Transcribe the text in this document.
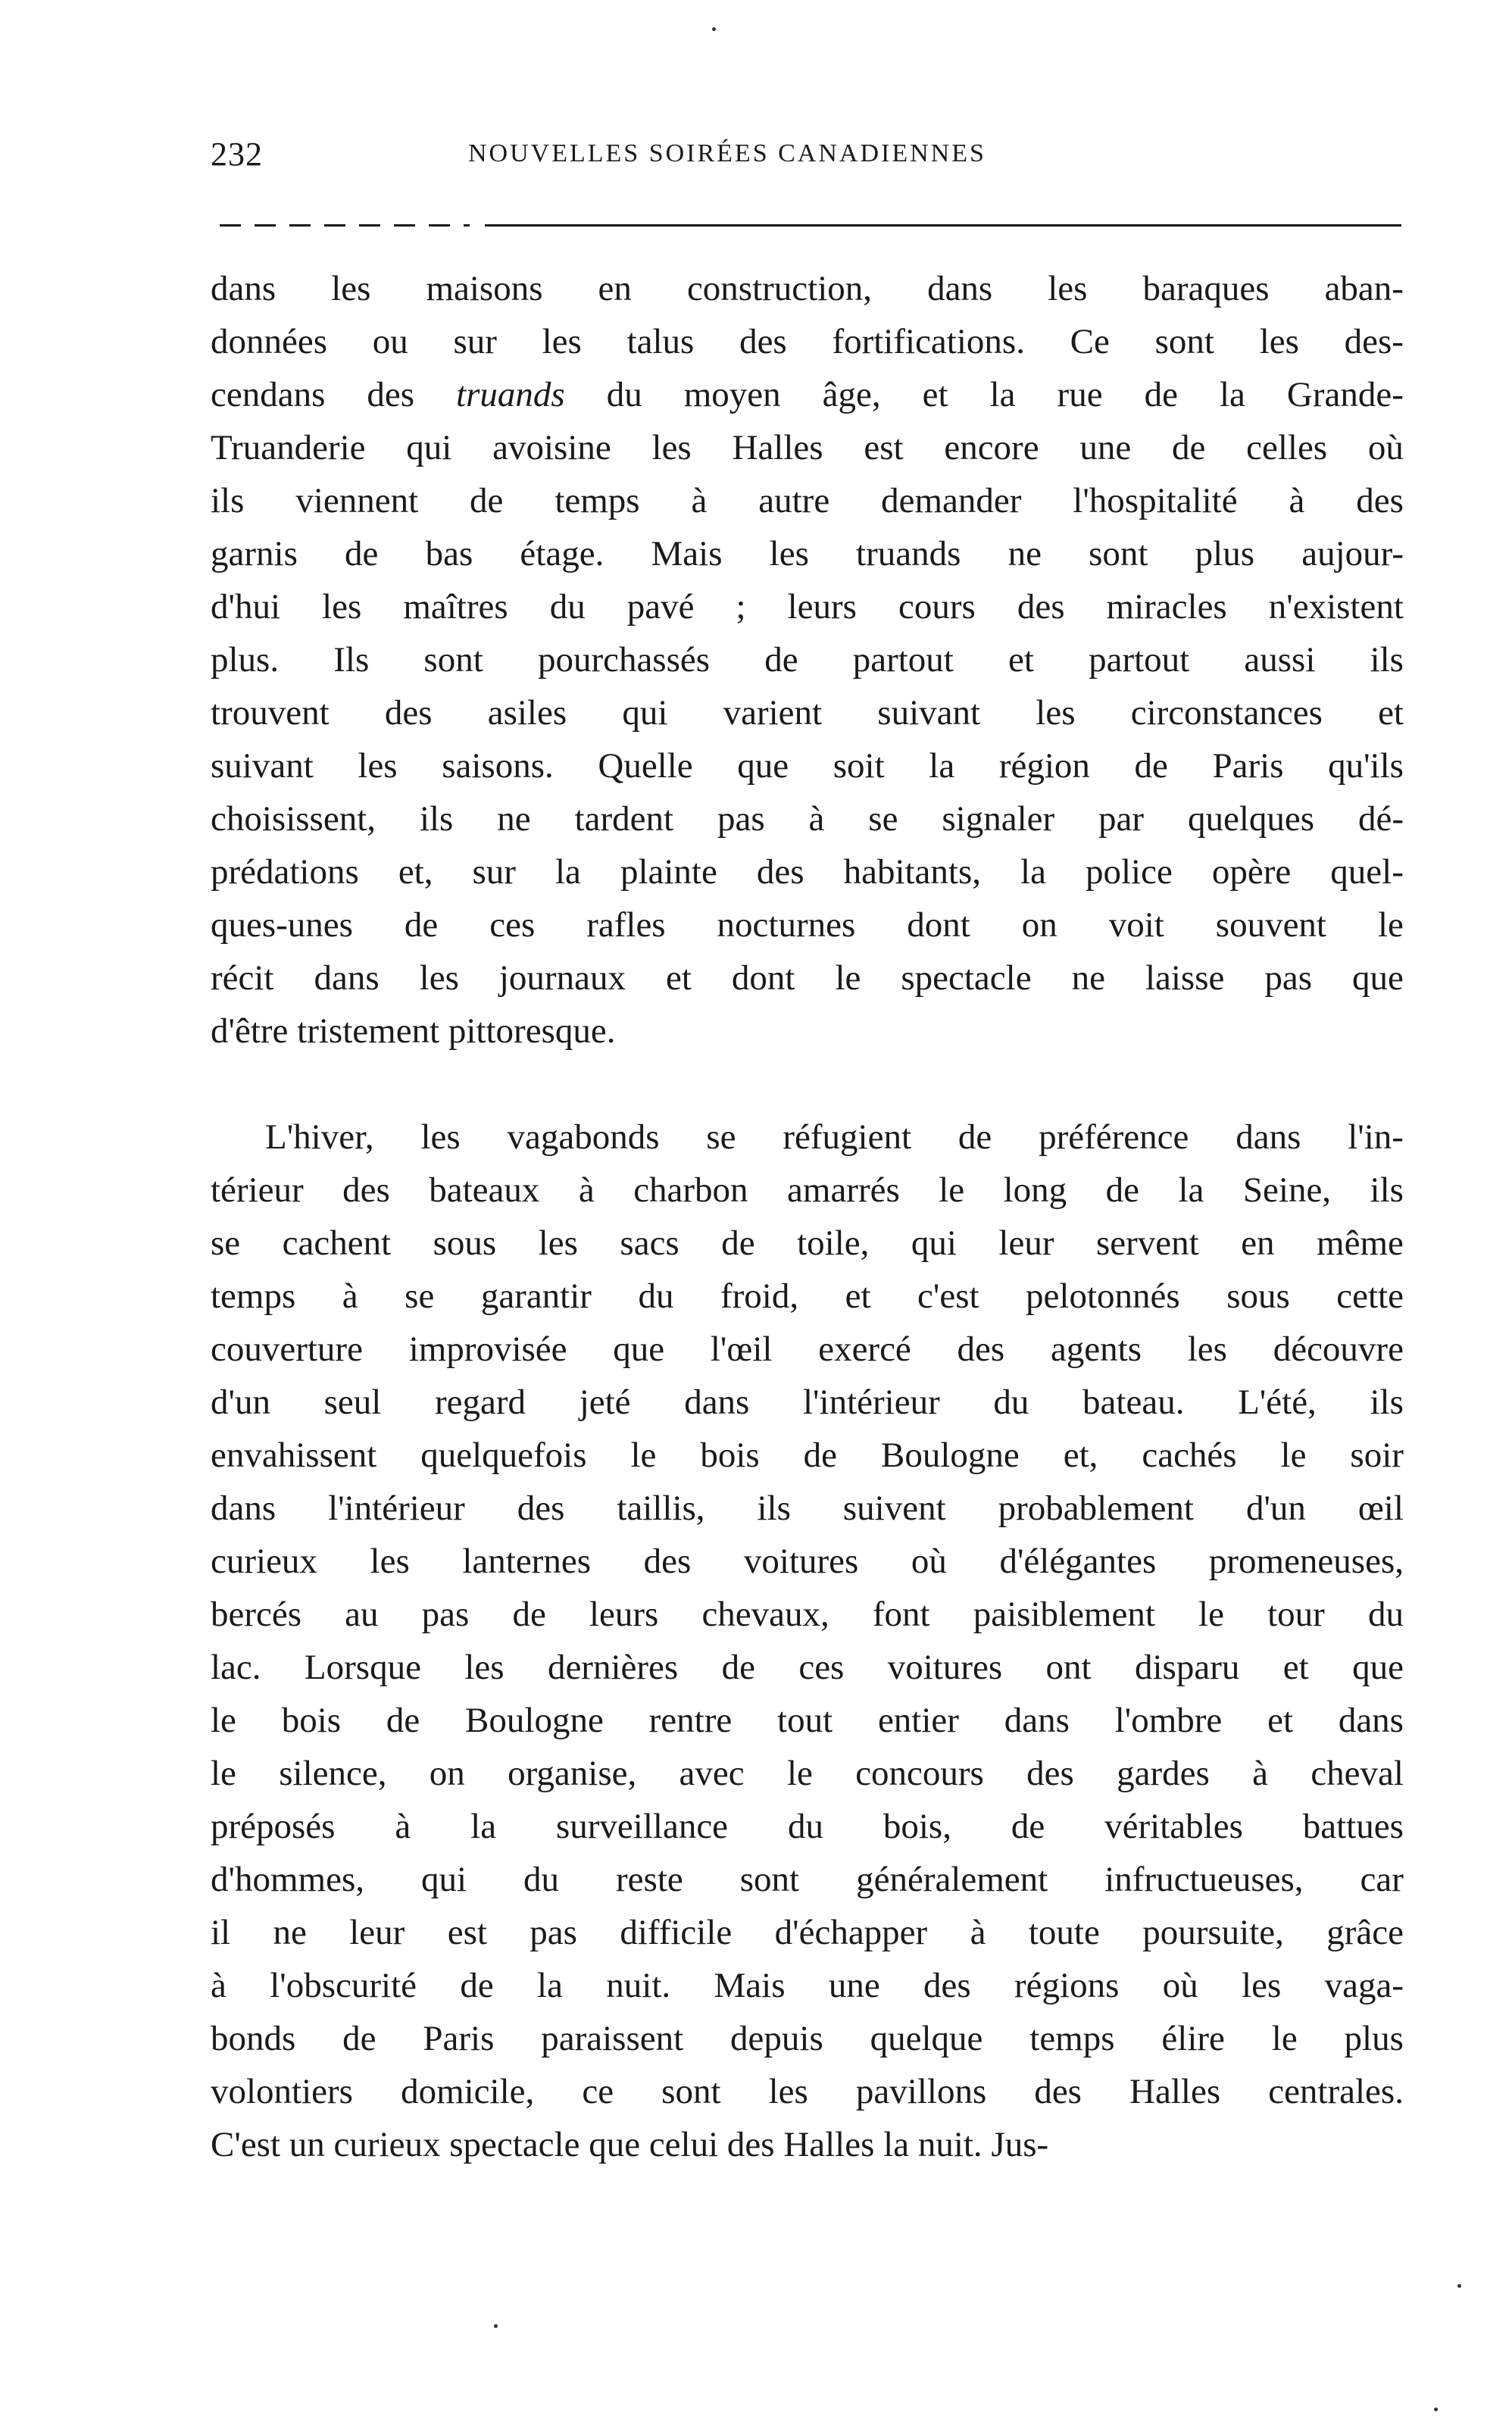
232	NOUVELLES SOIRÉES CANADIENNES
dans les maisons en construction, dans les baraques aban-
données ou sur les talus des fortifications. Ce sont les des-
cendans des truands du moyen âge, et la rue de la Grande-
Truanderie qui avoisine les Halles est encore une de celles où
ils viennent de temps à autre demander l'hospitalité à des
garnis de bas étage. Mais les truands ne sont plus aujour-
d'hui les maîtres du pavé ; leurs cours des miracles n'existent
plus. Ils sont pourchassés de partout et partout aussi ils
trouvent des asiles qui varient suivant les circonstances et
suivant les saisons. Quelle que soit la région de Paris qu'ils
choisissent, ils ne tardent pas à se signaler par quelques dé-
prédations et, sur la plainte des habitants, la police opère quel-
ques-unes de ces rafles nocturnes dont on voit souvent le
récit dans les journaux et dont le spectacle ne laisse pas que
d'être
tristement
pittoresque.
L'hiver, les vagabonds se réfugient de préférence dans l'in-
térieur des bateaux à charbon amarrés le long de la Seine, ils
se cachent sous les sacs de toile, qui leur servent en même
temps à se garantir du froid, et c'est pelotonnés sous cette
couverture improvisée que l'œil exercé des agents les découvre
d'un seul regard jeté dans l'intérieur du bateau. L'été, ils
envahissent quelquefois le bois de Boulogne et, cachés le soir
dans l'intérieur des taillis, ils suivent probablement d'un œil
curieux les lanternes des voitures où d'élégantes promeneuses,
bercés au pas de leurs chevaux, font paisiblement le tour du
lac. Lorsque les dernières de ces voitures ont disparu et que
le bois de Boulogne rentre tout entier dans l'ombre et dans
le silence, on organise, avec le concours des gardes à cheval
préposés à la surveillance du bois, de véritables battues
d'hommes, qui du reste sont généralement infructueuses, car
il ne leur est pas difficile d'échapper à toute poursuite, grâce
à l'obscurité de la nuit. Mais une des régions où les vaga-
bonds de Paris paraissent depuis quelque temps élire le plus
volontiers domicile, ce sont les pavillons des Halles centrales.
C'est
un
curieux
spectacle
que
celui
des
Halles
la
nuit.
Jus-
